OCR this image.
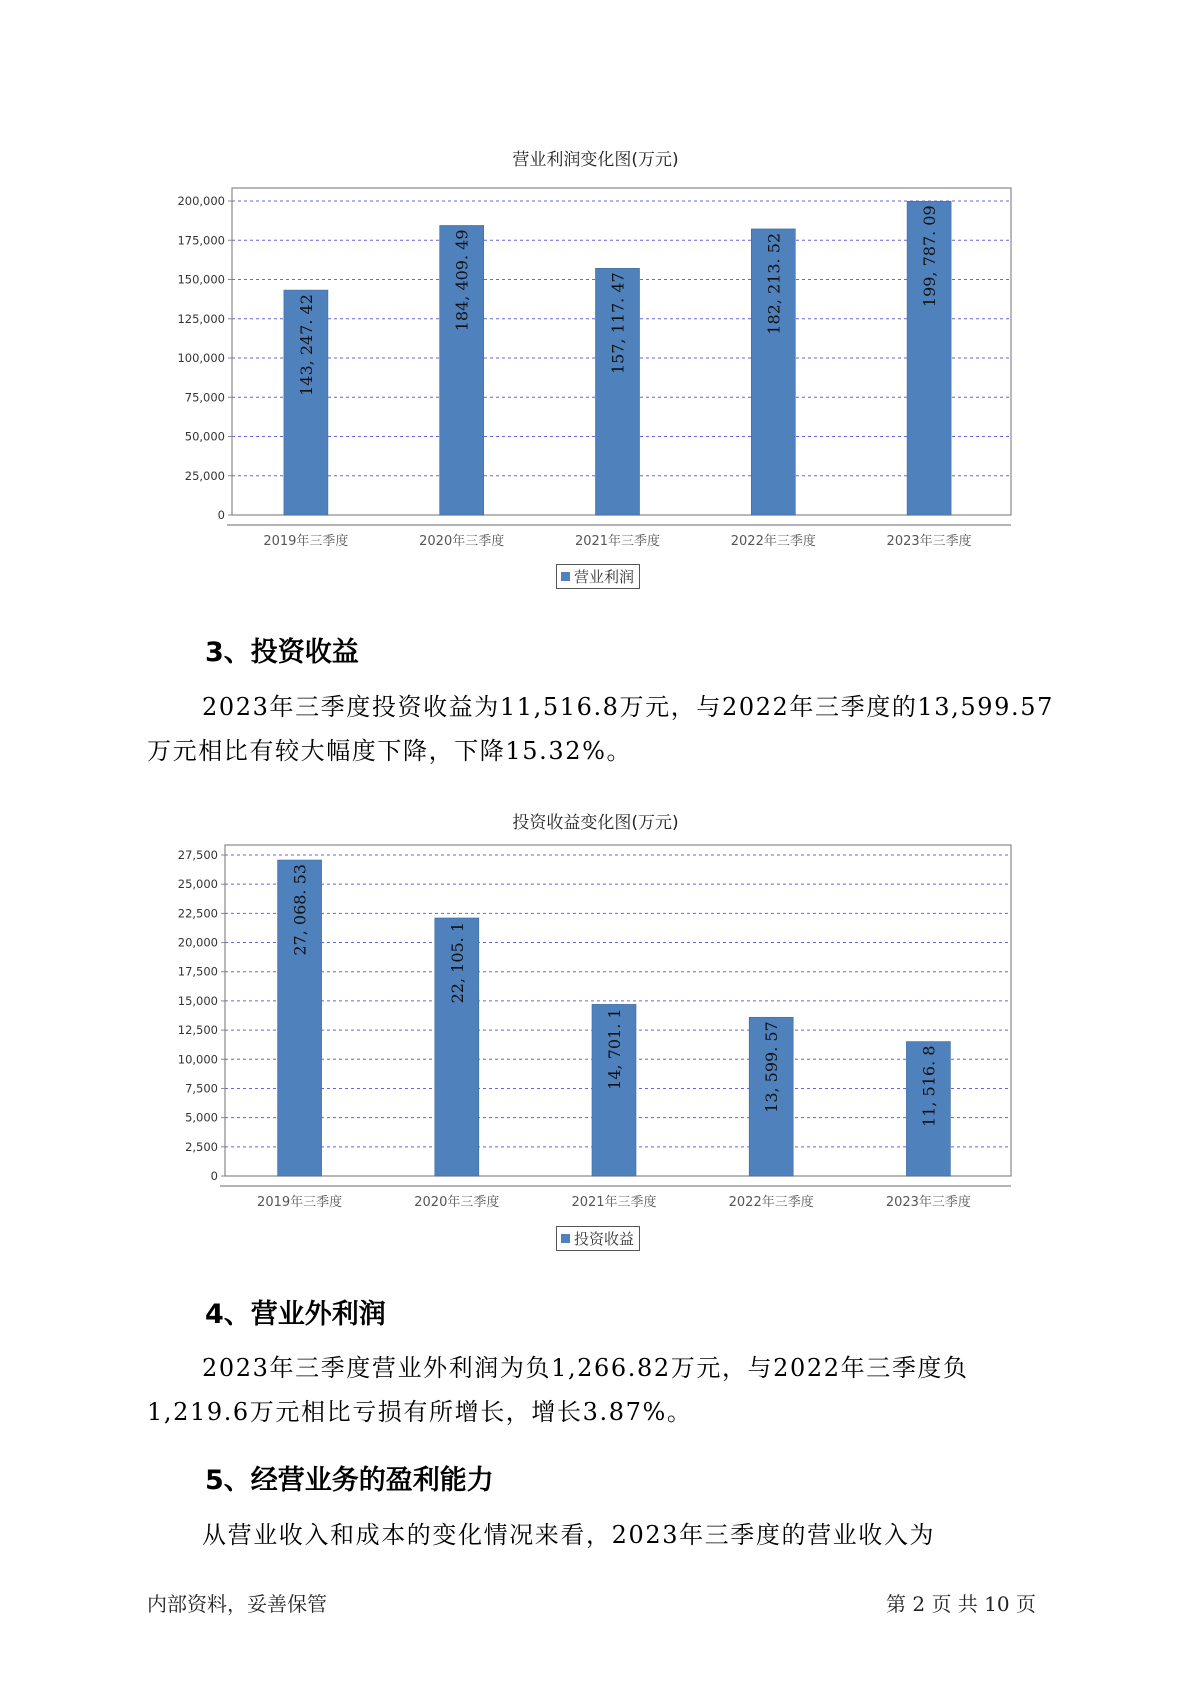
营业利润变化图(万元)
0
25,000
50,000
75,000
100,000
125,000
150,000
175,000
200,000
143, 247. 42
2019年三季度
184, 409. 49
2020年三季度
157, 117. 47
2021年三季度
182, 213. 52
2022年三季度
199, 787. 09
2023年三季度
营业利润
3、投资收益
2023年三季度投资收益为11,516.8万元，与2022年三季度的13,599.57
万元相比有较大幅度下降，下降15.32%。
投资收益变化图(万元)
0
2,500
5,000
7,500
10,000
12,500
15,000
17,500
20,000
22,500
25,000
27,500
27, 068. 53
2019年三季度
22, 105. 1
2020年三季度
14, 701. 1
2021年三季度
13, 599. 57
2022年三季度
11, 516. 8
2023年三季度
投资收益
4、营业外利润
2023年三季度营业外利润为负1,266.82万元，与2022年三季度负
1,219.6万元相比亏损有所增长，增长3.87%。
5、经营业务的盈利能力
从营业收入和成本的变化情况来看，2023年三季度的营业收入为
内部资料，妥善保管	第 2 页 共 10 页
